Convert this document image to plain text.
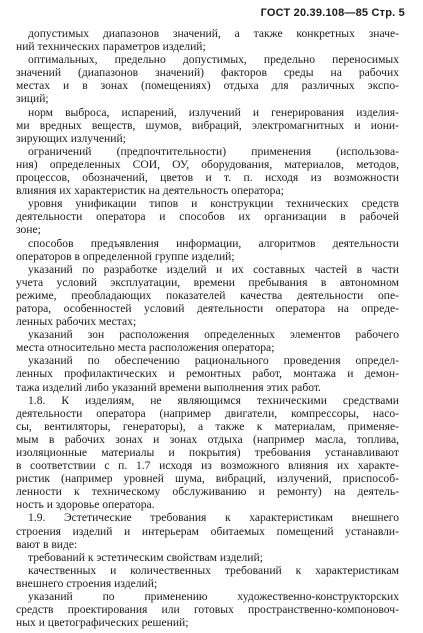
ГОСТ 20.39.108—85 Стр. 5
допустимых диапазонов значений, а также конкретных значе-
ний технических параметров изделий;
оптимальных, предельно допустимых, предельно переносимых
значений (диапазонов значений) факторов среды на рабочих
местах и в зонах (помещениях) отдыха для различных экспо-
зиций;
норм выброса, испарений, излучений и генерирования изделия-
ми вредных веществ, шумов, вибраций, электромагнитных и иони-
зирующих излучений;
ограничений (предпочтительности) применения (использова-
ния) определенных СОИ, ОУ, оборудования, материалов, методов,
процессов, обозначений, цветов и т. п. исходя из возможности
влияния их характеристик на деятельность оператора;
уровня унификации типов и конструкции технических средств
деятельности оператора и способов их организации в рабочей
зоне;
способов предъявления информации, алгоритмов деятельности
операторов в определенной группе изделий;
указаний по разработке изделий и их составных частей в части
учета условий эксплуатации, времени пребывания в автономном
режиме, преобладающих показателей качества деятельности опе-
ратора, особенностей условий деятельности оператора на опреде-
ленных рабочих местах;
указаний зон расположения определенных элементов рабочего
места относительно места расположения оператора;
указаний по обеспечению рационального проведения определ-
ленных профилактических и ремонтных работ, монтажа и демон-
тажа изделий либо указаний времени выполнения этих работ.
1.8. К изделиям, не являющимся техническими средствами
деятельности оператора (например двигатели, компрессоры, насо-
сы, вентиляторы, генераторы), а также к материалам, применяе-
мым в рабочих зонах и зонах отдыха (например масла, топлива,
изоляционные материалы и покрытия) требования устанавливают
в соответствии с п. 1.7 исходя из возможного влияния их характе-
ристик (например уровней шума, вибраций, излучений, приспособ-
ленности к техническому обслуживанию и ремонту) на деятель-
ность и здоровье оператора.
1.9. Эстетические требования к характеристикам внешнего
строения изделий и интерьерам обитаемых помещений устанавли-
вают в виде:
требований к эстетическим свойствам изделий;
качественных и количественных требований к характеристикам
внешнего строения изделий;
указаний по применению художественно-конструкторских
средств проектирования или готовых пространственно-компоновоч-
ных и цветографических решений;
